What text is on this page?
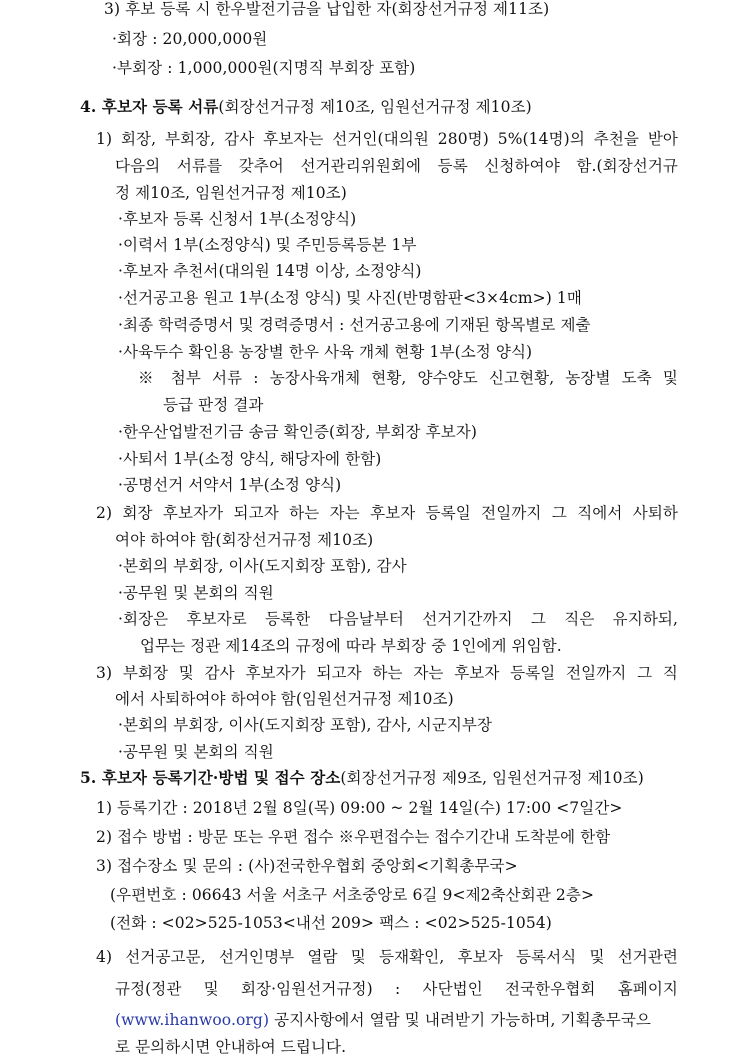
3) 후보 등록 시 한우발전기금을 납입한 자(회장선거규정 제11조)
·회장 : 20,000,000원
·부회장 : 1,000,000원(지명직 부회장 포함)
4. 후보자 등록 서류(회장선거규정 제10조, 임원선거규정 제10조)
1) 회장, 부회장, 감사 후보자는 선거인(대의원 280명) 5%(14명)의 추천을 받아
다음의 서류를 갖추어 선거관리위원회에 등록 신청하여야 함.(회장선거규
정 제10조, 임원선거규정 제10조)
·후보자 등록 신청서 1부(소정양식)
·이력서 1부(소정양식) 및 주민등록등본 1부
·후보자 추천서(대의원 14명 이상, 소정양식)
·선거공고용 원고 1부(소정 양식) 및 사진(반명함판<3×4cm>) 1매
·최종 학력증명서 및 경력증명서 : 선거공고용에 기재된 항목별로 제출
·사육두수 확인용 농장별 한우 사육 개체 현황 1부(소정 양식)
※ 첨부 서류 : 농장사육개체 현황, 양수양도 신고현황, 농장별 도축 및
등급 판정 결과
·한우산업발전기금 송금 확인증(회장, 부회장 후보자)
·사퇴서 1부(소정 양식, 해당자에 한함)
·공명선거 서약서 1부(소정 양식)
2) 회장 후보자가 되고자 하는 자는 후보자 등록일 전일까지 그 직에서 사퇴하
여야 하여야 함(회장선거규정 제10조)
·본회의 부회장, 이사(도지회장 포함), 감사
·공무원 및 본회의 직원
·회장은 후보자로 등록한 다음날부터 선거기간까지 그 직은 유지하되,
업무는 정관 제14조의 규정에 따라 부회장 중 1인에게 위임함.
3) 부회장 및 감사 후보자가 되고자 하는 자는 후보자 등록일 전일까지 그 직
에서 사퇴하여야 하여야 함(임원선거규정 제10조)
·본회의 부회장, 이사(도지회장 포함), 감사, 시군지부장
·공무원 및 본회의 직원
5. 후보자 등록기간·방법 및 접수 장소(회장선거규정 제9조, 임원선거규정 제10조)
1) 등록기간 : 2018년 2월 8일(목) 09:00 ~ 2월 14일(수) 17:00 <7일간>
2) 접수 방법 : 방문 또는 우편 접수 ※우편접수는 접수기간내 도착분에 한함
3) 접수장소 및 문의 : (사)전국한우협회 중앙회<기획총무국>
(우편번호 : 06643 서울 서초구 서초중앙로 6길 9<제2축산회관 2층>
(전화 : <02>525-1053<내선 209> 팩스 : <02>525-1054)
4) 선거공고문, 선거인명부 열람 및 등재확인, 후보자 등록서식 및 선거관련
규정(정관 및 회장·임원선거규정) : 사단법인 전국한우협회 홈페이지
(www.ihanwoo.org) 공지사항에서 열람 및 내려받기 가능하며, 기획총무국으
로 문의하시면 안내하여 드립니다.
